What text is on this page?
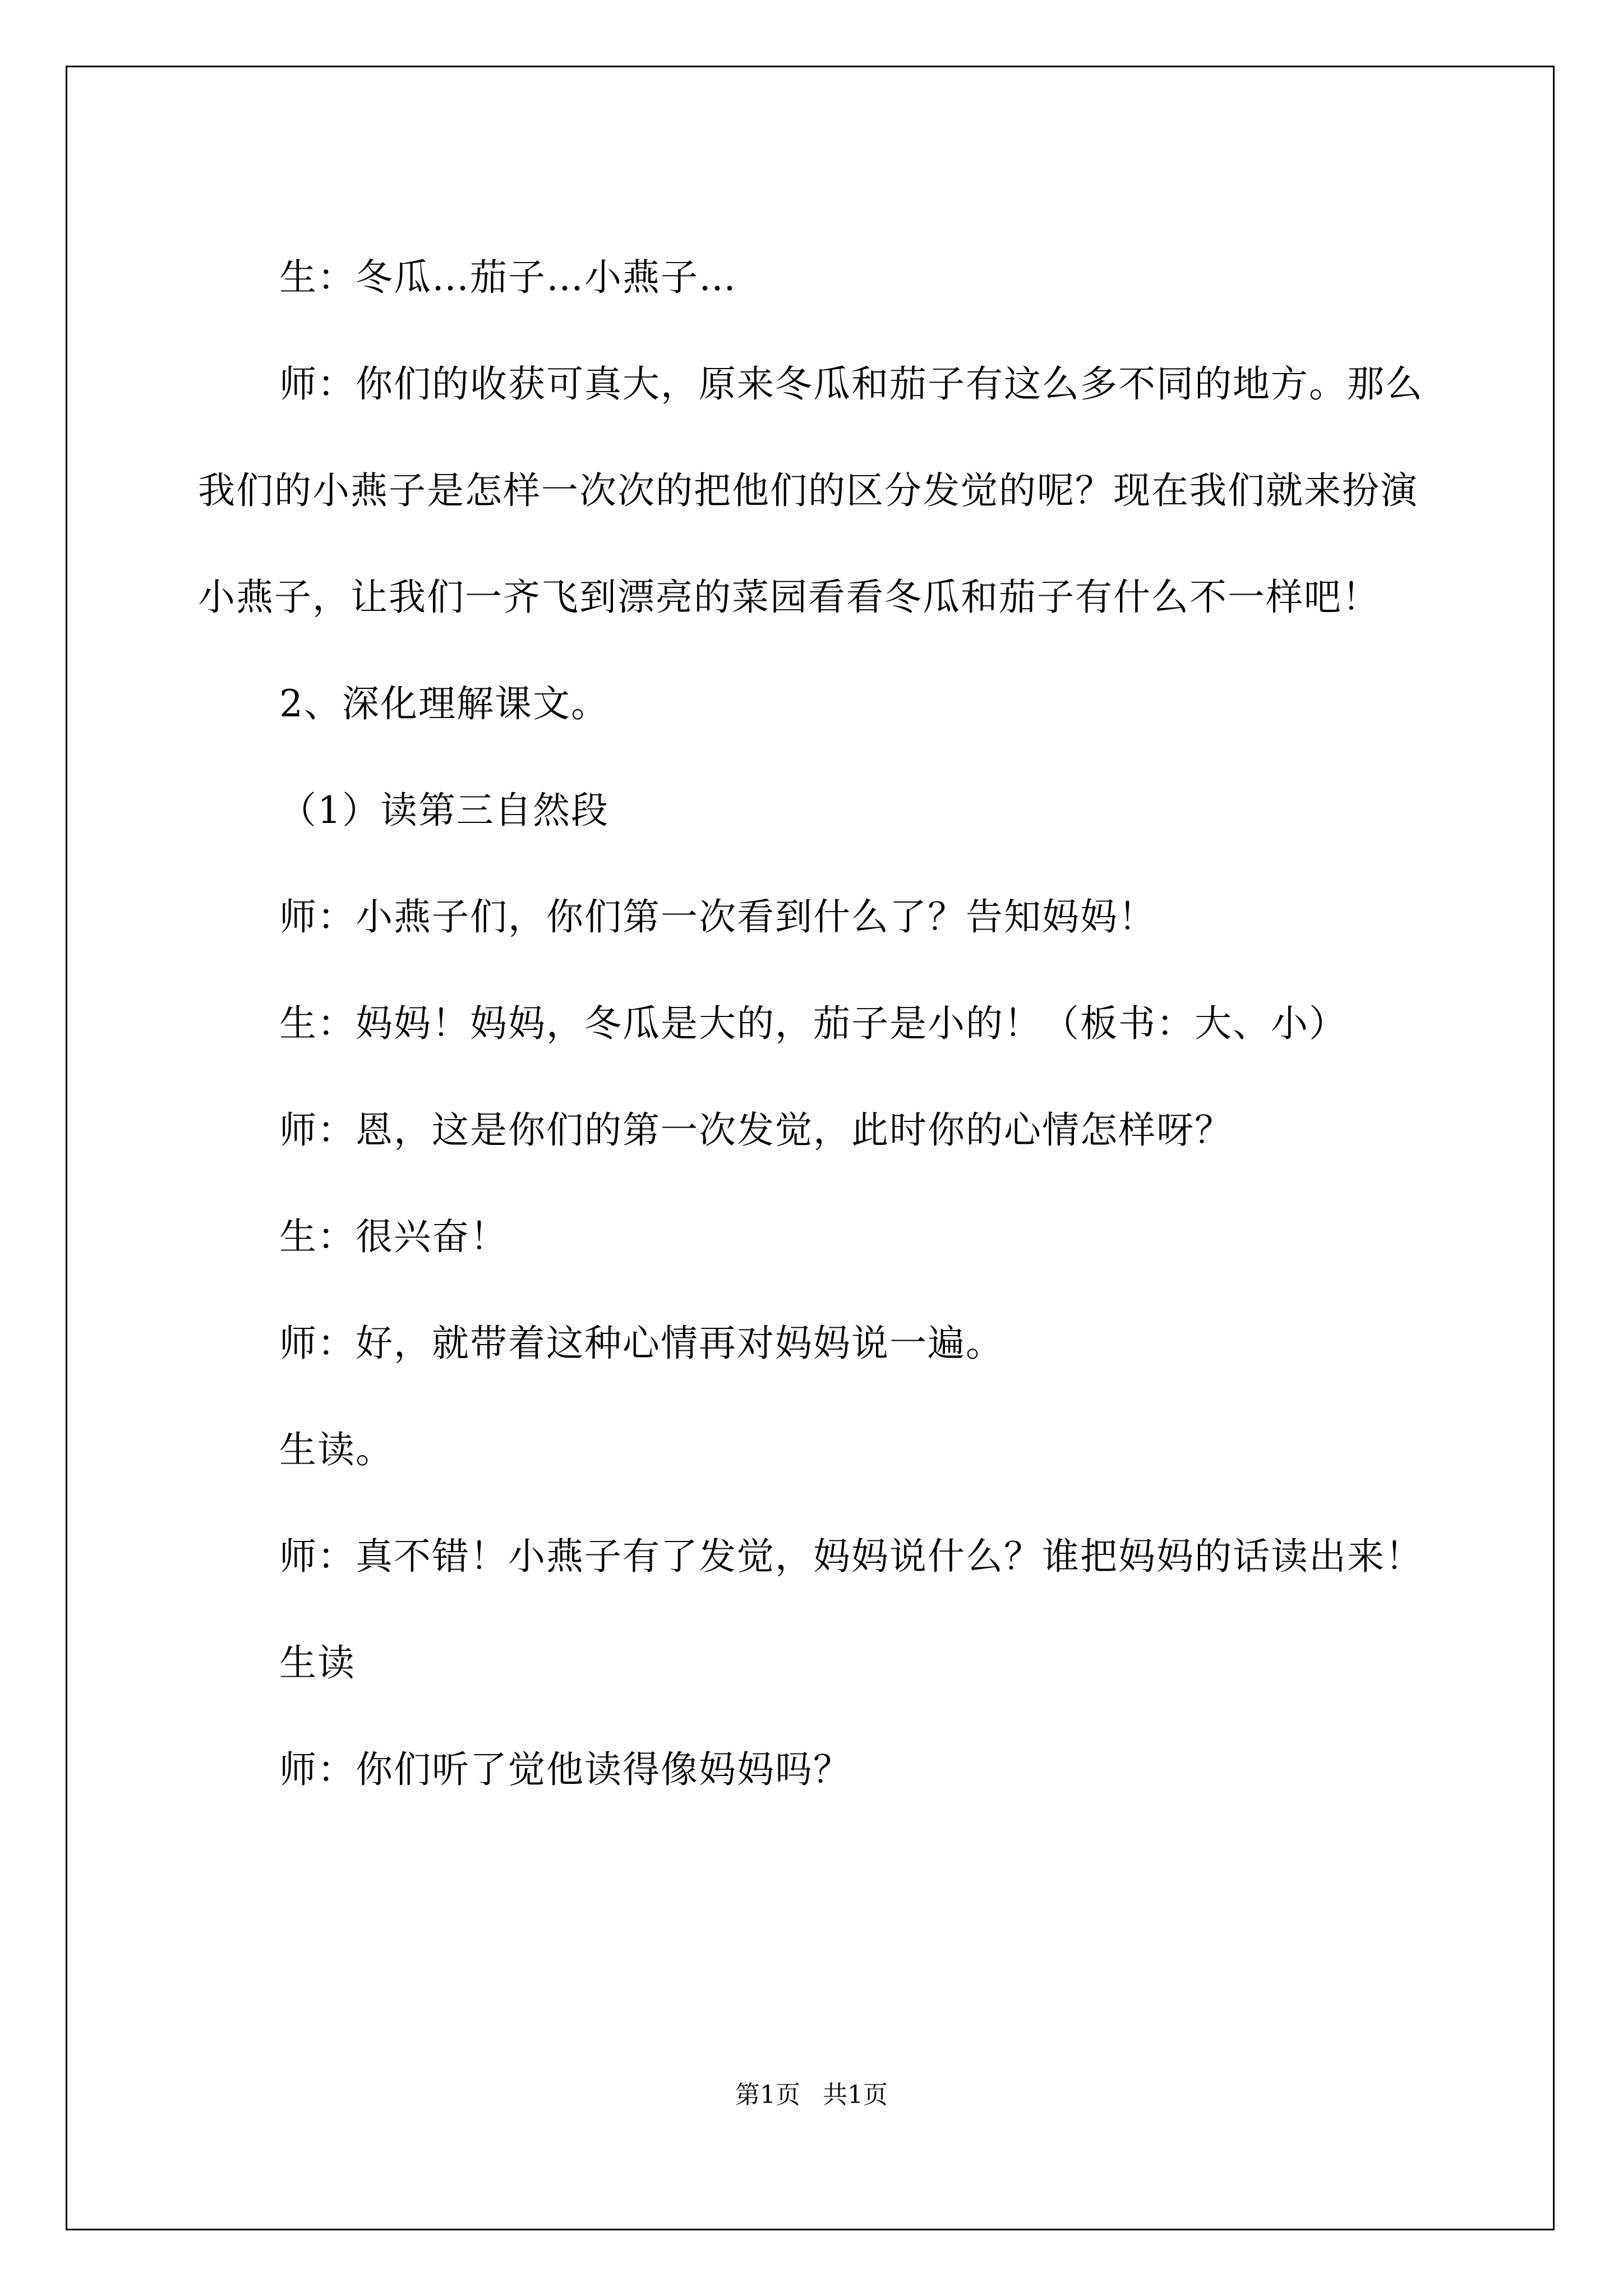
生：冬瓜…茄子…小燕子…

师：你们的收获可真大，原来冬瓜和茄子有这么多不同的地方。那么我们的小燕子是怎样一次次的把他们的区分发觉的呢？现在我们就来扮演小燕子，让我们一齐飞到漂亮的菜园看看冬瓜和茄子有什么不一样吧！

2、深化理解课文。

（1）读第三自然段

师：小燕子们，你们第一次看到什么了？告知妈妈！

生：妈妈！妈妈，冬瓜是大的，茄子是小的！（板书：大、小）

师：恩，这是你们的第一次发觉，此时你的心情怎样呀？

生：很兴奋！

师：好，就带着这种心情再对妈妈说一遍。

生读。

师：真不错！小燕子有了发觉，妈妈说什么？谁把妈妈的话读出来！

生读

师：你们听了觉他读得像妈妈吗？

第1页 共1页
